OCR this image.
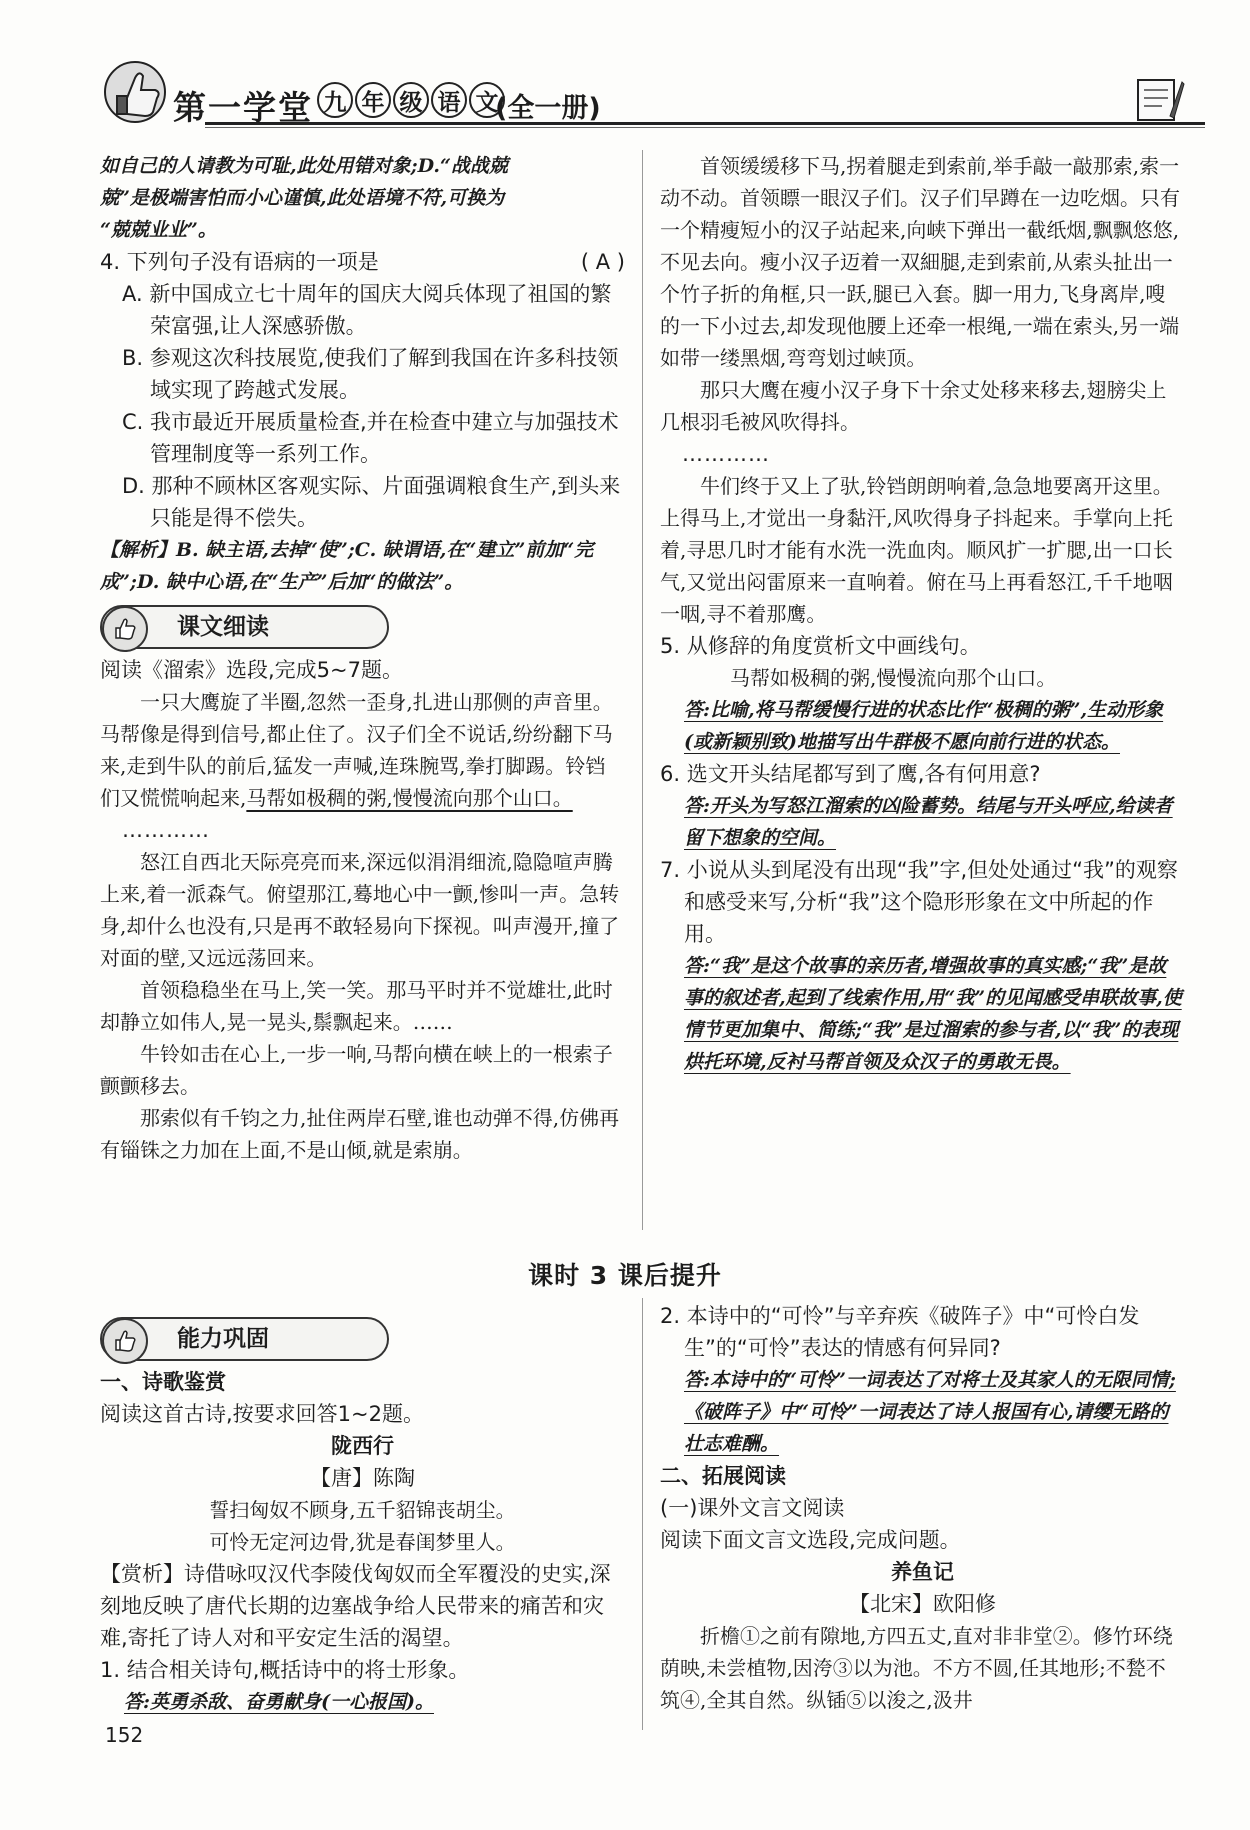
第一学堂 九 年 级 语 文
(全一册)

如自己的人请教为可耻,此处用错对象;D.“战战兢

兢”是极端害怕而小心谨慎,此处语境不符,可换为

“兢兢业业”。

4. 下列句子没有语病的一项是	( A )

A. 新中国成立七十周年的国庆大阅兵体现了祖国的繁荣富强,让人深感骄傲。

B. 参观这次科技展览,使我们了解到我国在许多科技领域实现了跨越式发展。

C. 我市最近开展质量检查,并在检查中建立与加强技术管理制度等一系列工作。

D. 那种不顾林区客观实际、片面强调粮食生产,到头来只能是得不偿失。

【解析】B. 缺主语,去掉“使”;C. 缺谓语,在“建立”前加“完成”;D. 缺中心语,在“生产”后加“的做法”。

课文细读

阅读《溜索》选段,完成5~7题。

一只大鹰旋了半圈,忽然一歪身,扎进山那侧的声音里。马帮像是得到信号,都止住了。汉子们全不说话,纷纷翻下马来,走到牛队的前后,猛发一声喊,连珠腕骂,拳打脚踢。铃铛们又慌慌响起来,马帮如极稠的粥,慢慢流向那个山口。

…………

怒江自西北天际亮亮而来,深远似涓涓细流,隐隐喧声腾上来,着一派森气。俯望那江,蓦地心中一颤,惨叫一声。急转身,却什么也没有,只是再不敢轻易向下探视。叫声漫开,撞了对面的壁,又远远荡回来。

首领稳稳坐在马上,笑一笑。那马平时并不觉雄壮,此时却静立如伟人,晃一晃头,鬃飘起来。……

牛铃如击在心上,一步一响,马帮向横在峡上的一根索子颤颤移去。

那索似有千钧之力,扯住两岸石壁,谁也动弹不得,仿佛再有锱铢之力加在上面,不是山倾,就是索崩。

首领缓缓移下马,拐着腿走到索前,举手敲一敲那索,索一动不动。首领瞟一眼汉子们。汉子们早蹲在一边吃烟。只有一个精瘦短小的汉子站起来,向峡下弹出一截纸烟,飘飘悠悠,不见去向。瘦小汉子迈着一双細腿,走到索前,从索头扯出一个竹子折的角框,只一跃,腿已入套。脚一用力,飞身离岸,嗖的一下小过去,却发现他腰上还牵一根绳,一端在索头,另一端如带一缕黑烟,弯弯划过峡顶。

那只大鹰在瘦小汉子身下十余丈处移来移去,翅膀尖上几根羽毛被风吹得抖。

…………

牛们终于又上了驮,铃铛朗朗响着,急急地要离开这里。上得马上,才觉出一身黏汗,风吹得身子抖起来。手掌向上托着,寻思几时才能有水洗一洗血肉。顺风扩一扩腮,出一口长气,又觉出闷雷原来一直响着。俯在马上再看怒江,千千地咽一咽,寻不着那鹰。

5. 从修辞的角度赏析文中画线句。

马帮如极稠的粥,慢慢流向那个山口。

答:比喻,将马帮缓慢行进的状态比作“极稠的粥”,生动形象(或新颖别致)地描写出牛群极不愿向前行进的状态。

6. 选文开头结尾都写到了鹰,各有何用意?

答:开头为写怒江溜索的凶险蓄势。结尾与开头呼应,给读者留下想象的空间。

7. 小说从头到尾没有出现“我”字,但处处通过“我”的观察和感受来写,分析“我”这个隐形形象在文中所起的作用。

答:“我”是这个故事的亲历者,增强故事的真实感;“我”是故事的叙述者,起到了线索作用,用“我”的见闻感受串联故事,使情节更加集中、简练;“我”是过溜索的参与者,以“我”的表现烘托环境,反衬马帮首领及众汉子的勇敢无畏。

课时 3 课后提升
能力巩固

一、诗歌鉴赏

阅读这首古诗,按要求回答1~2题。

陇西行

【唐】陈陶

誓扫匈奴不顾身,五千貂锦丧胡尘。

可怜无定河边骨,犹是春闺梦里人。

【赏析】诗借咏叹汉代李陵伐匈奴而全军覆没的史实,深刻地反映了唐代长期的边塞战争给人民带来的痛苦和灾难,寄托了诗人对和平安定生活的渴望。

1. 结合相关诗句,概括诗中的将士形象。

答:英勇杀敌、奋勇献身(一心报国)。

2. 本诗中的“可怜”与辛弃疾《破阵子》中“可怜白发生”的“可怜”表达的情感有何异同?

答:本诗中的“可怜”一词表达了对将士及其家人的无限同情;《破阵子》中“可怜”一词表达了诗人报国有心,请缨无路的壮志难酬。

二、拓展阅读

(一)课外文言文阅读

阅读下面文言文选段,完成问题。

养鱼记

【北宋】欧阳修

折檐①之前有隙地,方四五丈,直对非非堂②。修竹环绕荫映,未尝植物,因洿③以为池。不方不圆,任其地形;不甃不筑④,全其自然。纵锸⑤以浚之,汲井

152
